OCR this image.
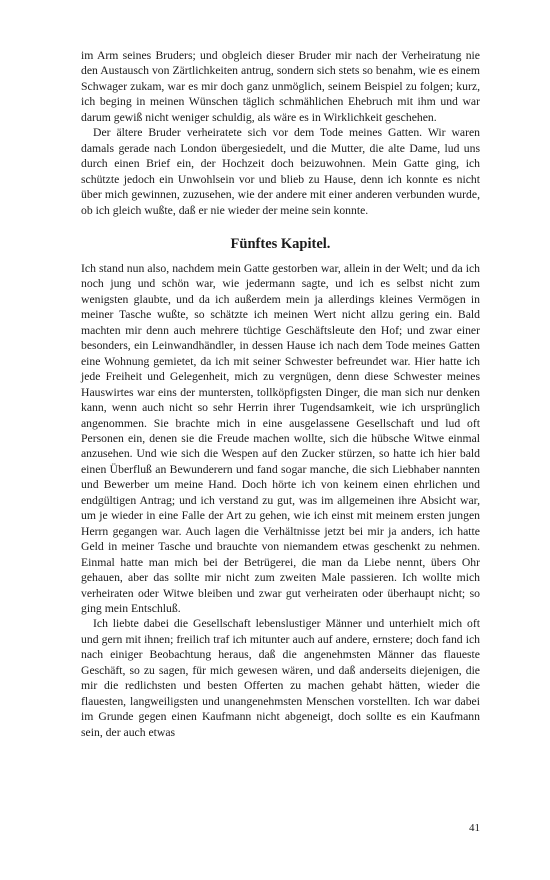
im Arm seines Bruders; und obgleich dieser Bruder mir nach der Verheiratung nie den Austausch von Zärtlichkeiten antrug, sondern sich stets so benahm, wie es einem Schwager zukam, war es mir doch ganz unmöglich, seinem Beispiel zu folgen; kurz, ich beging in meinen Wünschen täglich schmählichen Ehebruch mit ihm und war darum gewiß nicht weniger schuldig, als wäre es in Wirklichkeit geschehen.

Der ältere Bruder verheiratete sich vor dem Tode meines Gatten. Wir waren damals gerade nach London übergesiedelt, und die Mutter, die alte Dame, lud uns durch einen Brief ein, der Hochzeit doch beizuwohnen. Mein Gatte ging, ich schützte jedoch ein Unwohlsein vor und blieb zu Hause, denn ich konnte es nicht über mich gewinnen, zuzusehen, wie der andere mit einer anderen verbunden wurde, ob ich gleich wußte, daß er nie wieder der meine sein konnte.

Fünftes Kapitel.

Ich stand nun also, nachdem mein Gatte gestorben war, allein in der Welt; und da ich noch jung und schön war, wie jedermann sagte, und ich es selbst nicht zum wenigsten glaubte, und da ich außerdem mein ja allerdings kleines Vermögen in meiner Tasche wußte, so schätzte ich meinen Wert nicht allzu gering ein. Bald machten mir denn auch mehrere tüchtige Geschäftsleute den Hof; und zwar einer besonders, ein Leinwandhändler, in dessen Hause ich nach dem Tode meines Gatten eine Wohnung gemietet, da ich mit seiner Schwester befreundet war. Hier hatte ich jede Freiheit und Gelegenheit, mich zu vergnügen, denn diese Schwester meines Hauswirtes war eins der muntersten, tollköpfigsten Dinger, die man sich nur denken kann, wenn auch nicht so sehr Herrin ihrer Tugendsamkeit, wie ich ursprünglich angenommen. Sie brachte mich in eine ausgelassene Gesellschaft und lud oft Personen ein, denen sie die Freude machen wollte, sich die hübsche Witwe einmal anzusehen. Und wie sich die Wespen auf den Zucker stürzen, so hatte ich hier bald einen Überfluß an Bewunderern und fand sogar manche, die sich Liebhaber nannten und Bewerber um meine Hand. Doch hörte ich von keinem einen ehrlichen und endgültigen Antrag; und ich verstand zu gut, was im allgemeinen ihre Absicht war, um je wieder in eine Falle der Art zu gehen, wie ich einst mit meinem ersten jungen Herrn gegangen war. Auch lagen die Verhältnisse jetzt bei mir ja anders, ich hatte Geld in meiner Tasche und brauchte von niemandem etwas geschenkt zu nehmen. Einmal hatte man mich bei der Betrügerei, die man da Liebe nennt, übers Ohr gehauen, aber das sollte mir nicht zum zweiten Male passieren. Ich wollte mich verheiraten oder Witwe bleiben und zwar gut verheiraten oder überhaupt nicht; so ging mein Entschluß.

Ich liebte dabei die Gesellschaft lebenslustiger Männer und unterhielt mich oft und gern mit ihnen; freilich traf ich mitunter auch auf andere, ernstere; doch fand ich nach einiger Beobachtung heraus, daß die angenehmsten Männer das flaueste Geschäft, so zu sagen, für mich gewesen wären, und daß anderseits diejenigen, die mir die redlichsten und besten Offerten zu machen gehabt hätten, wieder die flauesten, langweiligsten und unangenehmsten Menschen vorstellten. Ich war dabei im Grunde gegen einen Kaufmann nicht abgeneigt, doch sollte es ein Kaufmann sein, der auch etwas

41
